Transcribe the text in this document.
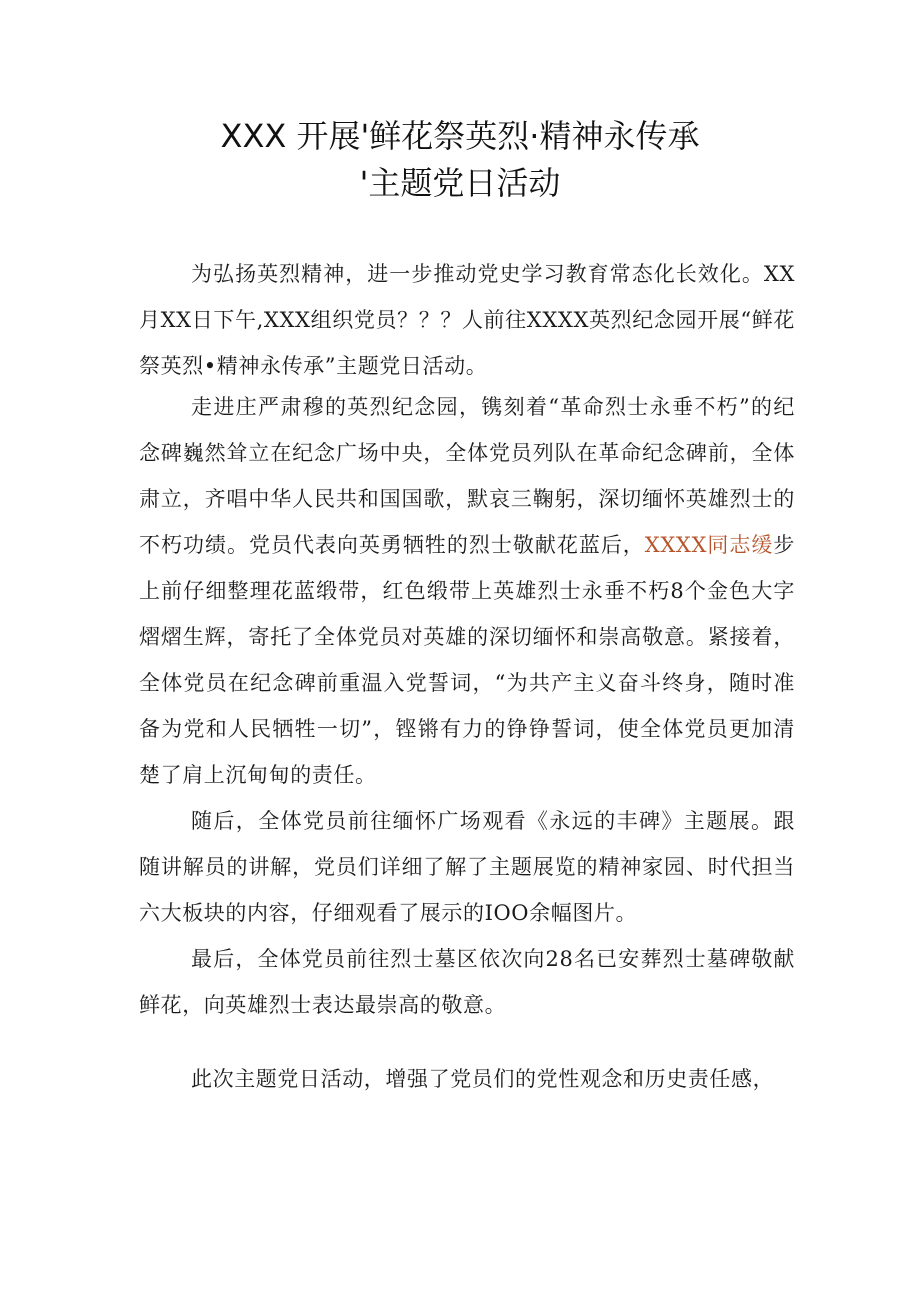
XXX 开展'鲜花祭英烈·精神永传承
'主题党日活动

为弘扬英烈精神，进一步推动党史学习教育常态化长效化。XX月XX日下午,XXX组织党员？？？人前往XXXX英烈纪念园开展“鲜花祭英烈•精神永传承”主题党日活动。

走进庄严肃穆的英烈纪念园，镌刻着“革命烈士永垂不朽”的纪念碑巍然耸立在纪念广场中央，全体党员列队在革命纪念碑前，全体肃立，齐唱中华人民共和国国歌，默哀三鞠躬，深切缅怀英雄烈士的不朽功绩。党员代表向英勇牺牲的烈士敬献花蓝后，XXXX同志缓步上前仔细整理花蓝缎带，红色缎带上英雄烈士永垂不朽8个金色大字熠熠生辉，寄托了全体党员对英雄的深切缅怀和崇高敬意。紧接着，全体党员在纪念碑前重温入党誓词，“为共产主义奋斗终身，随时准备为党和人民牺牲一切”，铿锵有力的铮铮誓词，使全体党员更加清楚了肩上沉甸甸的责任。

随后，全体党员前往缅怀广场观看《永远的丰碑》主题展。跟随讲解员的讲解，党员们详细了解了主题展览的精神家园、时代担当六大板块的内容，仔细观看了展示的IOO余幅图片。

最后，全体党员前往烈士墓区依次向28名已安葬烈士墓碑敬献鲜花，向英雄烈士表达最崇高的敬意。

此次主题党日活动，增强了党员们的党性观念和历史责任感，
